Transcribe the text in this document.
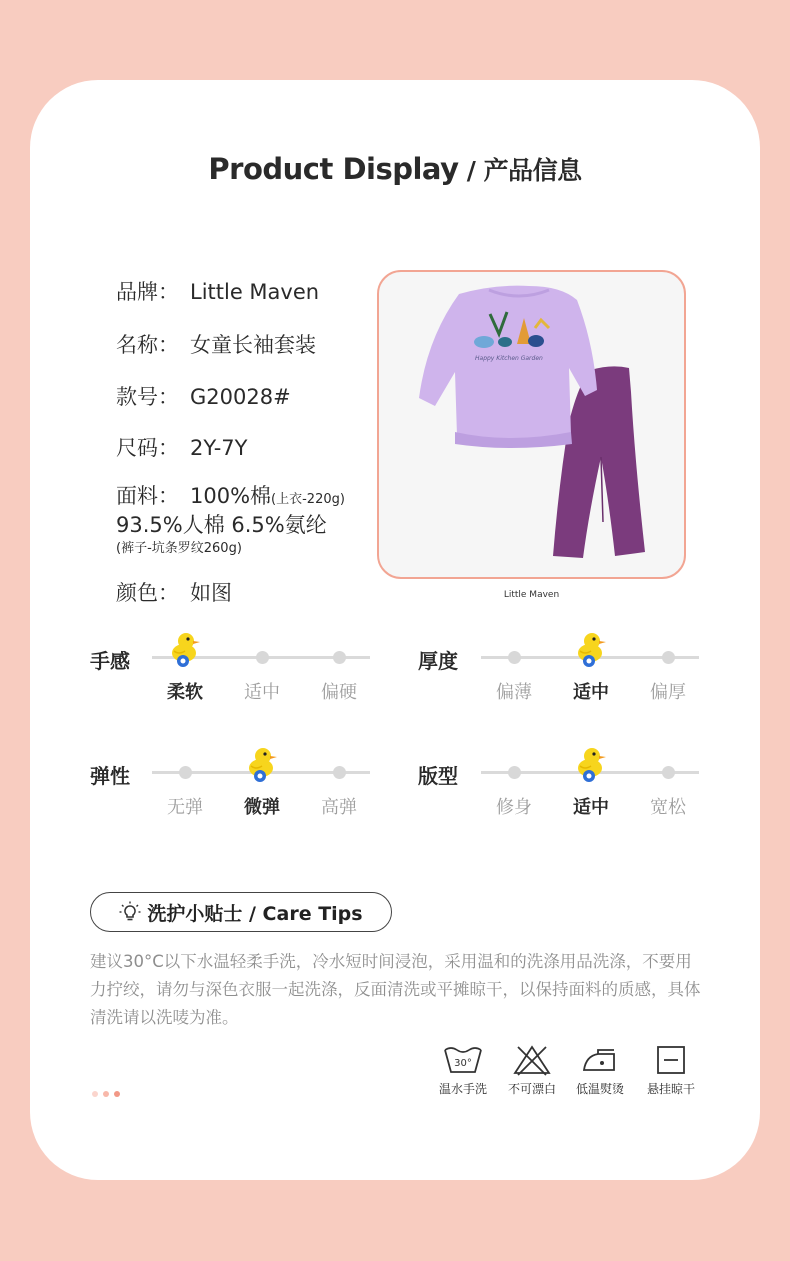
Product Display / 产品信息
品牌： Little Maven
名称： 女童长袖套装
款号： G20028#
尺码： 2Y-7Y
面料： 100%棉(上衣-220g)
93.5%人棉 6.5%氨纶
(裤子-坑条罗纹260g)
颜色： 如图
Happy Kitchen Garden
Little Maven
手感
柔软	适中	偏硬
厚度
偏薄	适中	偏厚
弹性
无弹	微弹	高弹
版型
修身	适中	宽松
洗护小贴士 / Care Tips
建议30°C以下水温轻柔手洗，冷水短时间浸泡，采用温和的洗涤用品洗涤，不要用力拧绞，请勿与深色衣服一起洗涤，反面清洗或平摊晾干，以保持面料的质感，具体清洗请以洗唛为准。
30°
温水手洗	不可漂白	低温熨烫	悬挂晾干
